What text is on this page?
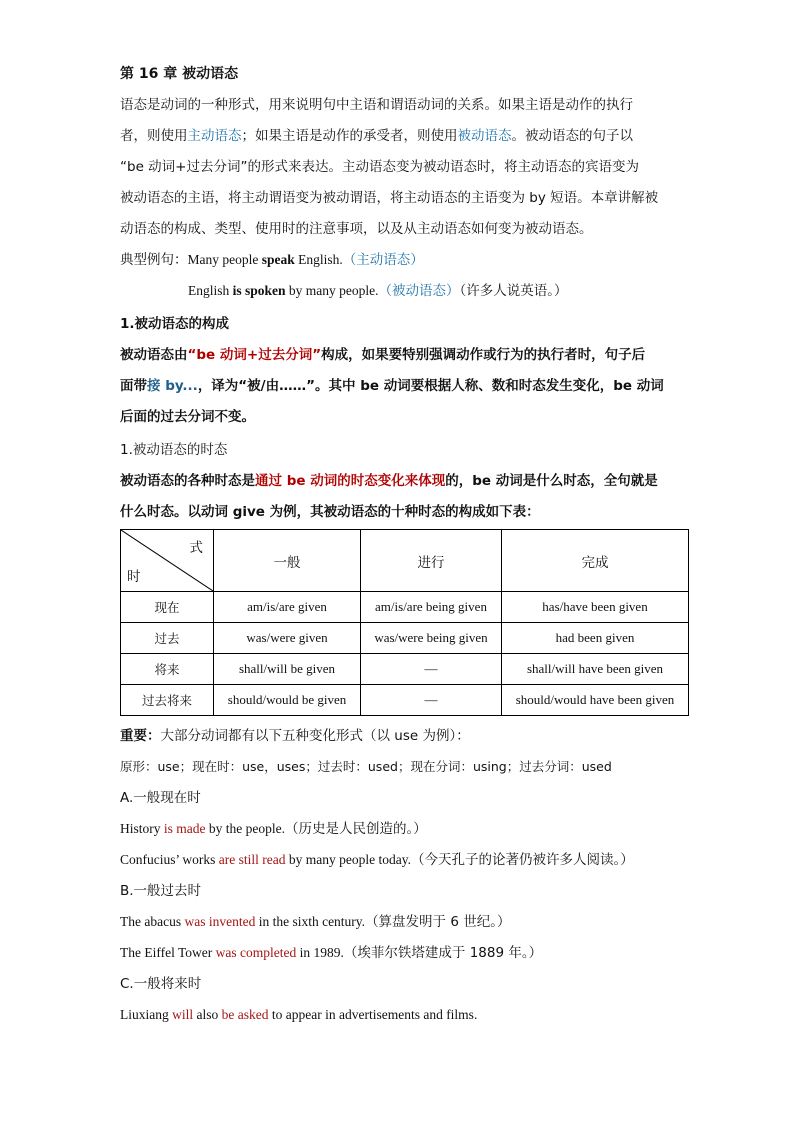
第 16 章 被动语态
语态是动词的一种形式，用来说明句中主语和谓语动词的关系。如果主语是动作的执行
者，则使用主动语态；如果主语是动作的承受者，则使用被动语态。被动语态的句子以
“be 动词+过去分词”的形式来表达。主动语态变为被动语态时，将主动语态的宾语变为
被动语态的主语，将主动谓语变为被动谓语，将主动语态的主语变为 by 短语。本章讲解被
动语态的构成、类型、使用时的注意事项，以及从主动语态如何变为被动语态。
典型例句：Many people speak English.（主动语态）
English is spoken by many people.（被动语态）（许多人说英语。）
1.被动语态的构成
被动语态由“be 动词+过去分词”构成，如果要特别强调动作或行为的执行者时，句子后
面带接 by...，译为“被/由……”。其中 be 动词要根据人称、数和时态发生变化，be 动词
后面的过去分词不变。
1.被动语态的时态
被动语态的各种时态是通过 be 动词的时态变化来体现的，be 动词是什么时态，全句就是
什么时态。以动词 give 为例，其被动语态的十种时态的构成如下表：
式
时	一般	进行	完成
现在	am/is/are given	am/is/are being given	has/have been given
过去	was/were given	was/were being given	had been given
将来	shall/will be given	—	shall/will have been given
过去将来	should/would be given	—	should/would have been given
重要：大部分动词都有以下五种变化形式（以 use 为例）：
原形：use；现在时：use，uses；过去时：used；现在分词：using；过去分词：used
A.一般现在时
History is made by the people.（历史是人民创造的。）
Confucius’ works are still read by many people today.（今天孔子的论著仍被许多人阅读。）
B.一般过去时
The abacus was invented in the sixth century.（算盘发明于 6 世纪。）
The Eiffel Tower was completed in 1989.（埃菲尔铁塔建成于 1889 年。）
C.一般将来时
Liuxiang will also be asked to appear in advertisements and films.
